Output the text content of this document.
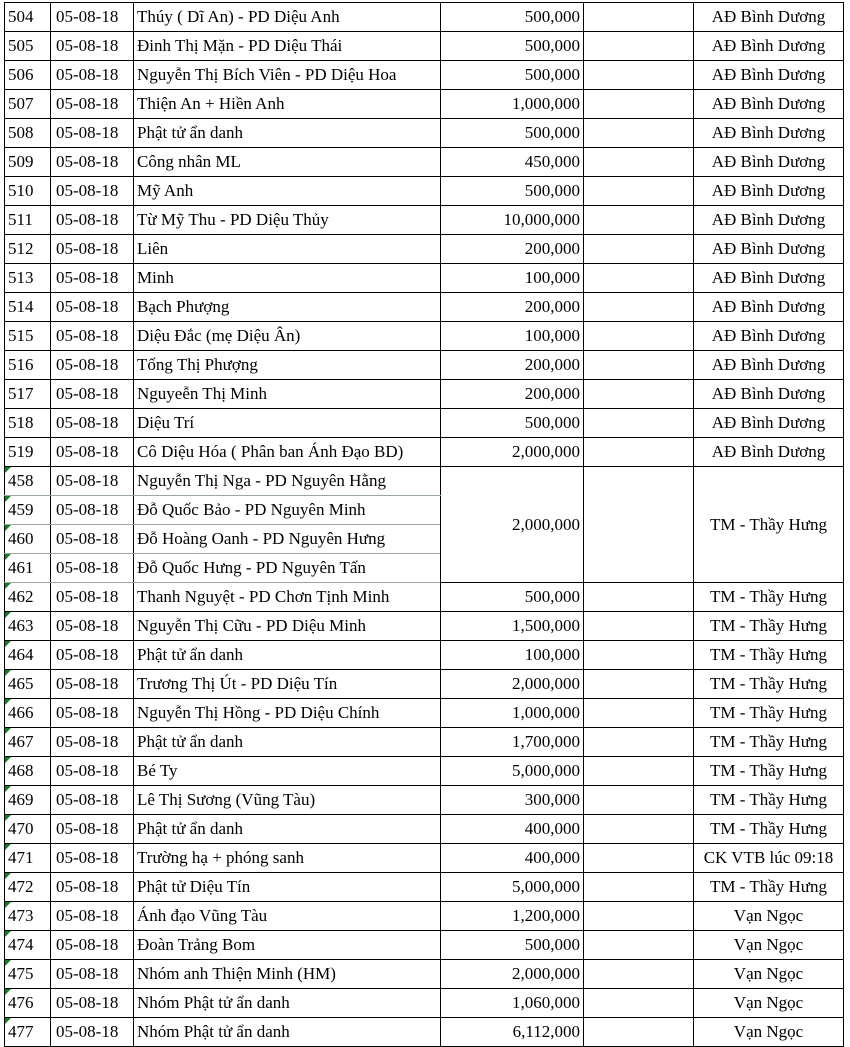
504	05-08-18	Thúy ( Dĩ An) - PD Diệu Anh	500,000		AĐ Bình Dương
505	05-08-18	Đinh Thị Mặn - PD Diệu Thái	500,000		AĐ Bình Dương
506	05-08-18	Nguyễn Thị Bích Viên - PD Diệu Hoa	500,000		AĐ Bình Dương
507	05-08-18	Thiện An + Hiền Anh	1,000,000		AĐ Bình Dương
508	05-08-18	Phật tử ẩn danh	500,000		AĐ Bình Dương
509	05-08-18	Công nhân ML	450,000		AĐ Bình Dương
510	05-08-18	Mỹ Anh	500,000		AĐ Bình Dương
511	05-08-18	Từ Mỹ Thu - PD Diệu Thủy	10,000,000		AĐ Bình Dương
512	05-08-18	Liên	200,000		AĐ Bình Dương
513	05-08-18	Minh	100,000		AĐ Bình Dương
514	05-08-18	Bạch Phượng	200,000		AĐ Bình Dương
515	05-08-18	Diệu Đắc (mẹ Diệu Ân)	100,000		AĐ Bình Dương
516	05-08-18	Tống Thị Phượng	200,000		AĐ Bình Dương
517	05-08-18	Nguyeễn Thị Minh	200,000		AĐ Bình Dương
518	05-08-18	Diệu Trí	500,000		AĐ Bình Dương
519	05-08-18	Cô Diệu Hóa ( Phân ban Ánh Đạo BD)	2,000,000		AĐ Bình Dương
458	05-08-18	Nguyễn Thị Nga - PD Nguyên Hằng	2,000,000		TM - Thầy Hưng
459	05-08-18	Đỗ Quốc Bảo - PD Nguyên Minh			
460	05-08-18	Đỗ Hoàng Oanh - PD Nguyên Hưng			
461	05-08-18	Đỗ Quốc Hưng - PD Nguyên Tấn			
462	05-08-18	Thanh Nguyệt - PD Chơn Tịnh Minh	500,000		TM - Thầy Hưng
463	05-08-18	Nguyễn Thị Cữu - PD Diệu Minh	1,500,000		TM - Thầy Hưng
464	05-08-18	Phật tử ẩn danh	100,000		TM - Thầy Hưng
465	05-08-18	Trương Thị Út - PD Diệu Tín	2,000,000		TM - Thầy Hưng
466	05-08-18	Nguyễn Thị Hồng - PD Diệu Chính	1,000,000		TM - Thầy Hưng
467	05-08-18	Phật tử ẩn danh	1,700,000		TM - Thầy Hưng
468	05-08-18	Bé Ty	5,000,000		TM - Thầy Hưng
469	05-08-18	Lê Thị Sương (Vũng Tàu)	300,000		TM - Thầy Hưng
470	05-08-18	Phật tử ẩn danh	400,000		TM - Thầy Hưng
471	05-08-18	Trường hạ + phóng sanh	400,000		CK VTB lúc 09:18
472	05-08-18	Phật tử Diệu Tín	5,000,000		TM - Thầy Hưng
473	05-08-18	Ánh đạo Vũng Tàu	1,200,000		Vạn Ngọc
474	05-08-18	Đoàn Trảng Bom	500,000		Vạn Ngọc
475	05-08-18	Nhóm anh Thiện Minh (HM)	2,000,000		Vạn Ngọc
476	05-08-18	Nhóm Phật tử ẩn danh	1,060,000		Vạn Ngọc
477	05-08-18	Nhóm Phật tử ẩn danh	6,112,000		Vạn Ngọc
